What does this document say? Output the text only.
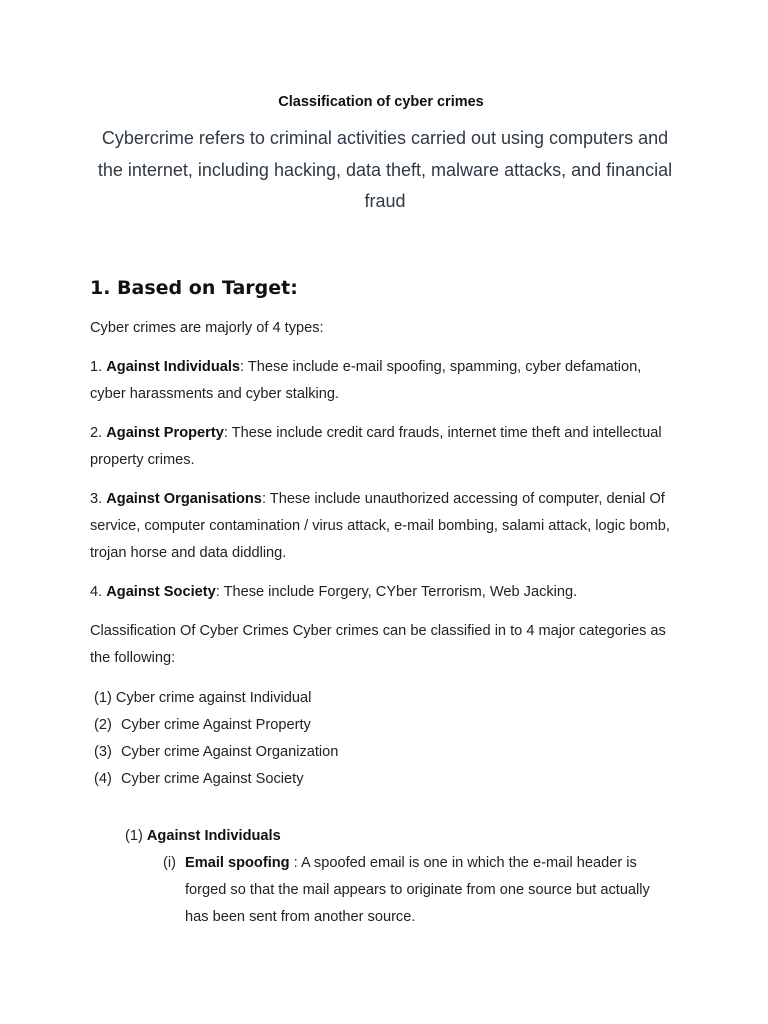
Classification of cyber crimes

Cybercrime refers to criminal activities carried out using computers and the internet, including hacking, data theft, malware attacks, and financial fraud

1. Based on Target:

Cyber crimes are majorly of 4 types:

1. Against Individuals: These include e-mail spoofing, spamming, cyber defamation, cyber harassments and cyber stalking.

2. Against Property: These include credit card frauds, internet time theft and intellectual property crimes.

3. Against Organisations: These include unauthorized accessing of computer, denial Of service, computer contamination / virus attack, e-mail bombing, salami attack, logic bomb, trojan horse and data diddling.

4. Against Society: These include Forgery, CYber Terrorism, Web Jacking.

Classification Of Cyber Crimes Cyber crimes can be classified in to 4 major categories as the following:

(1) Cyber crime against Individual
(2) Cyber crime Against Property
(3) Cyber crime Against Organization
(4) Cyber crime Against Society

(1) Against Individuals

(i) Email spoofing : A spoofed email is one in which the e-mail header is forged so that the mail appears to originate from one source but actually has been sent from another source.
